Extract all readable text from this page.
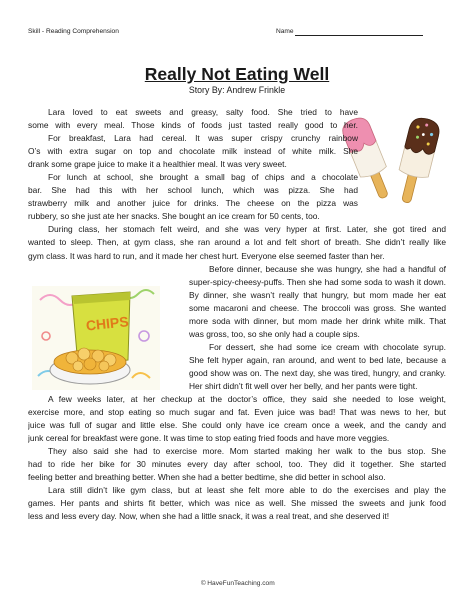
Skill - Reading Comprehension	Name
Really Not Eating Well
Story By: Andrew Frinkle
CHIPS
Lara loved to eat sweets and greasy, salty food. She tried to have
some with every meal. Those kinds of foods just tasted really good to her.
For breakfast, Lara had cereal. It was super crispy crunchy rainbow
O’s with extra sugar on top and chocolate milk instead of white milk. She
drank some grape juice to make it a healthier meal. It was very sweet.
For lunch at school, she brought a small bag of chips and a chocolate
bar. She had this with her school lunch, which was pizza. She had
strawberry milk and another juice for drinks. The cheese on the pizza was
rubbery, so she just ate her snacks. She bought an ice cream for 50 cents, too.
During class, her stomach felt weird, and she was very hyper at first. Later, she got tired and
wanted to sleep. Then, at gym class, she ran around a lot and felt short of breath. She didn’t really like
gym class. It was hard to run, and it made her chest hurt. Everyone else seemed faster than her.
Before dinner, because she was hungry, she had a handful of
super-spicy-cheesy-puffs. Then she had some soda to wash it down.
By dinner, she wasn’t really that hungry, but mom made her eat
some macaroni and cheese. The broccoli was gross. She wanted
more soda with dinner, but mom made her drink white milk. That
was gross, too, so she only had a couple sips.
For dessert, she had some ice cream with chocolate syrup.
She felt hyper again, ran around, and went to bed late, because a
good show was on. The next day, she was tired, hungry, and cranky.
Her shirt didn’t fit well over her belly, and her pants were tight.
A few weeks later, at her checkup at the doctor’s office, they said she needed to lose weight,
exercise more, and stop eating so much sugar and fat. Even juice was bad! That was news to her, but
juice was full of sugar and little else. She could only have ice cream once a week, and the candy and
junk cereal for breakfast were gone. It was time to stop eating fried foods and have more veggies.
They also said she had to exercise more. Mom started making her walk to the bus stop. She
had to ride her bike for 30 minutes every day after school, too. They did it together. She started
feeling better and breathing better. When she had a better bedtime, she did better in school also.
Lara still didn’t like gym class, but at least she felt more able to do the exercises and play the
games. Her pants and shirts fit better, which was nice as well. She missed the sweets and junk food
less and less every day. Now, when she had a little snack, it was a real treat, and she deserved it!
© HaveFunTeaching.com
